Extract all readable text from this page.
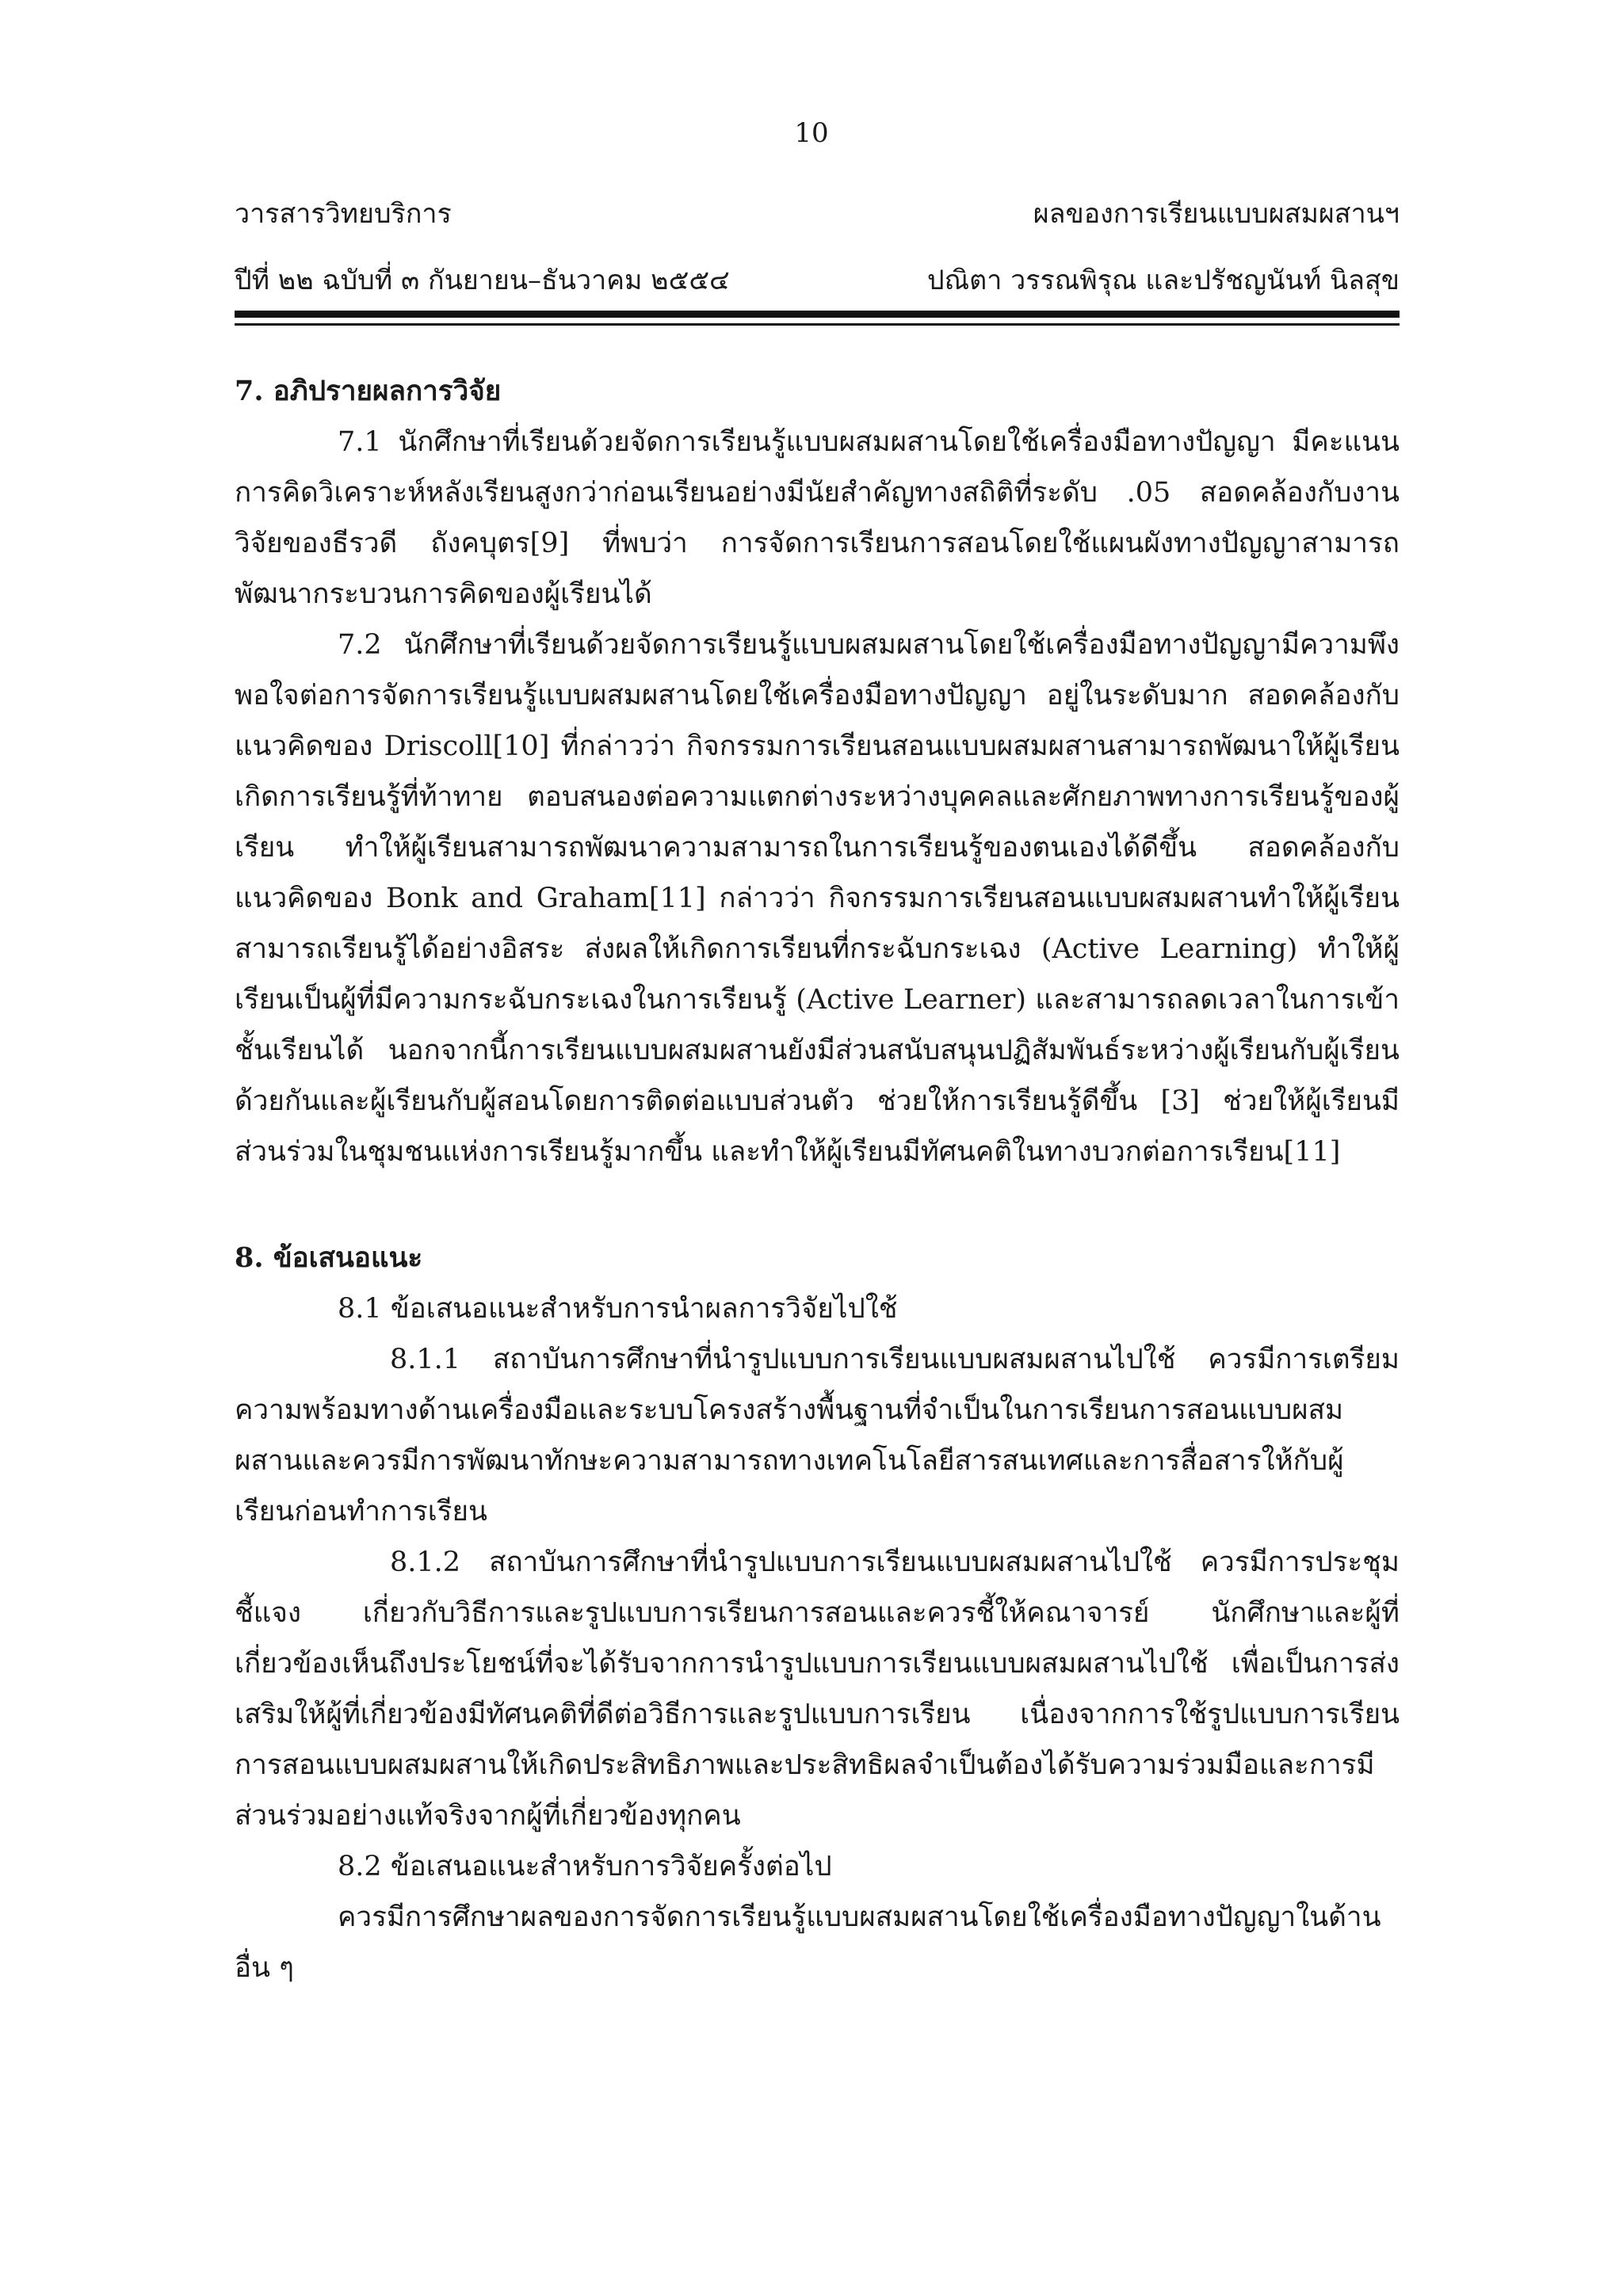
10
วารสารวิทยบริการ	ผลของการเรียนแบบผสมผสานฯ
ปีที่ ๒๒ ฉบับที่ ๓ กันยายน–ธันวาคม ๒๕๕๔	ปณิตา วรรณพิรุณ และปรัชญนันท์ นิลสุข
7. อภิปรายผลการวิจัย

7.1 นักศึกษาที่เรียนด้วยจัดการเรียนรู้แบบผสมผสานโดยใช้เครื่องมือทางปัญญา มีคะแนนการคิดวิเคราะห์หลังเรียนสูงกว่าก่อนเรียนอย่างมีนัยสำคัญทางสถิติที่ระดับ .05 สอดคล้องกับงานวิจัยของธีรวดี ถังคบุตร[9] ที่พบว่า การจัดการเรียนการสอนโดยใช้แผนผังทางปัญญาสามารถพัฒนากระบวนการคิดของผู้เรียนได้

7.2 นักศึกษาที่เรียนด้วยจัดการเรียนรู้แบบผสมผสานโดยใช้เครื่องมือทางปัญญามีความพึงพอใจต่อการจัดการเรียนรู้แบบผสมผสานโดยใช้เครื่องมือทางปัญญา อยู่ในระดับมาก สอดคล้องกับแนวคิดของ Driscoll[10] ที่กล่าวว่า กิจกรรมการเรียนสอนแบบผสมผสานสามารถพัฒนาให้ผู้เรียนเกิดการเรียนรู้ที่ท้าทาย ตอบสนองต่อความแตกต่างระหว่างบุคคลและศักยภาพทางการเรียนรู้ของผู้เรียน ทำให้ผู้เรียนสามารถพัฒนาความสามารถในการเรียนรู้ของตนเองได้ดีขึ้น สอดคล้องกับแนวคิดของ Bonk and Graham[11] กล่าวว่า กิจกรรมการเรียนสอนแบบผสมผสานทำให้ผู้เรียนสามารถเรียนรู้ได้อย่างอิสระ ส่งผลให้เกิดการเรียนที่กระฉับกระเฉง (Active Learning) ทำให้ผู้เรียนเป็นผู้ที่มีความกระฉับกระเฉงในการเรียนรู้ (Active Learner) และสามารถลดเวลาในการเข้าชั้นเรียนได้ นอกจากนี้การเรียนแบบผสมผสานยังมีส่วนสนับสนุนปฏิสัมพันธ์ระหว่างผู้เรียนกับผู้เรียนด้วยกันและผู้เรียนกับผู้สอนโดยการติดต่อแบบส่วนตัว ช่วยให้การเรียนรู้ดีขึ้น [3] ช่วยให้ผู้เรียนมีส่วนร่วมในชุมชนแห่งการเรียนรู้มากขึ้น และทำให้ผู้เรียนมีทัศนคติในทางบวกต่อการเรียน[11]

8. ข้อเสนอแนะ
8.1 ข้อเสนอแนะสำหรับการนำผลการวิจัยไปใช้

8.1.1 สถาบันการศึกษาที่นำรูปแบบการเรียนแบบผสมผสานไปใช้ ควรมีการเตรียมความพร้อมทางด้านเครื่องมือและระบบโครงสร้างพื้นฐานที่จำเป็นในการเรียนการสอนแบบผสมผสานและควรมีการพัฒนาทักษะความสามารถทางเทคโนโลยีสารสนเทศและการสื่อสารให้กับผู้เรียนก่อนทำการเรียน

8.1.2 สถาบันการศึกษาที่นำรูปแบบการเรียนแบบผสมผสานไปใช้ ควรมีการประชุมชี้แจง เกี่ยวกับวิธีการและรูปแบบการเรียนการสอนและควรชี้ให้คณาจารย์ นักศึกษาและผู้ที่เกี่ยวข้องเห็นถึงประโยชน์ที่จะได้รับจากการนำรูปแบบการเรียนแบบผสมผสานไปใช้ เพื่อเป็นการส่งเสริมให้ผู้ที่เกี่ยวข้องมีทัศนคติที่ดีต่อวิธีการและรูปแบบการเรียน เนื่องจากการใช้รูปแบบการเรียนการสอนแบบผสมผสานให้เกิดประสิทธิภาพและประสิทธิผลจำเป็นต้องได้รับความร่วมมือและการมีส่วนร่วมอย่างแท้จริงจากผู้ที่เกี่ยวข้องทุกคน

8.2 ข้อเสนอแนะสำหรับการวิจัยครั้งต่อไป

ควรมีการศึกษาผลของการจัดการเรียนรู้แบบผสมผสานโดยใช้เครื่องมือทางปัญญาในด้านอื่น ๆ
